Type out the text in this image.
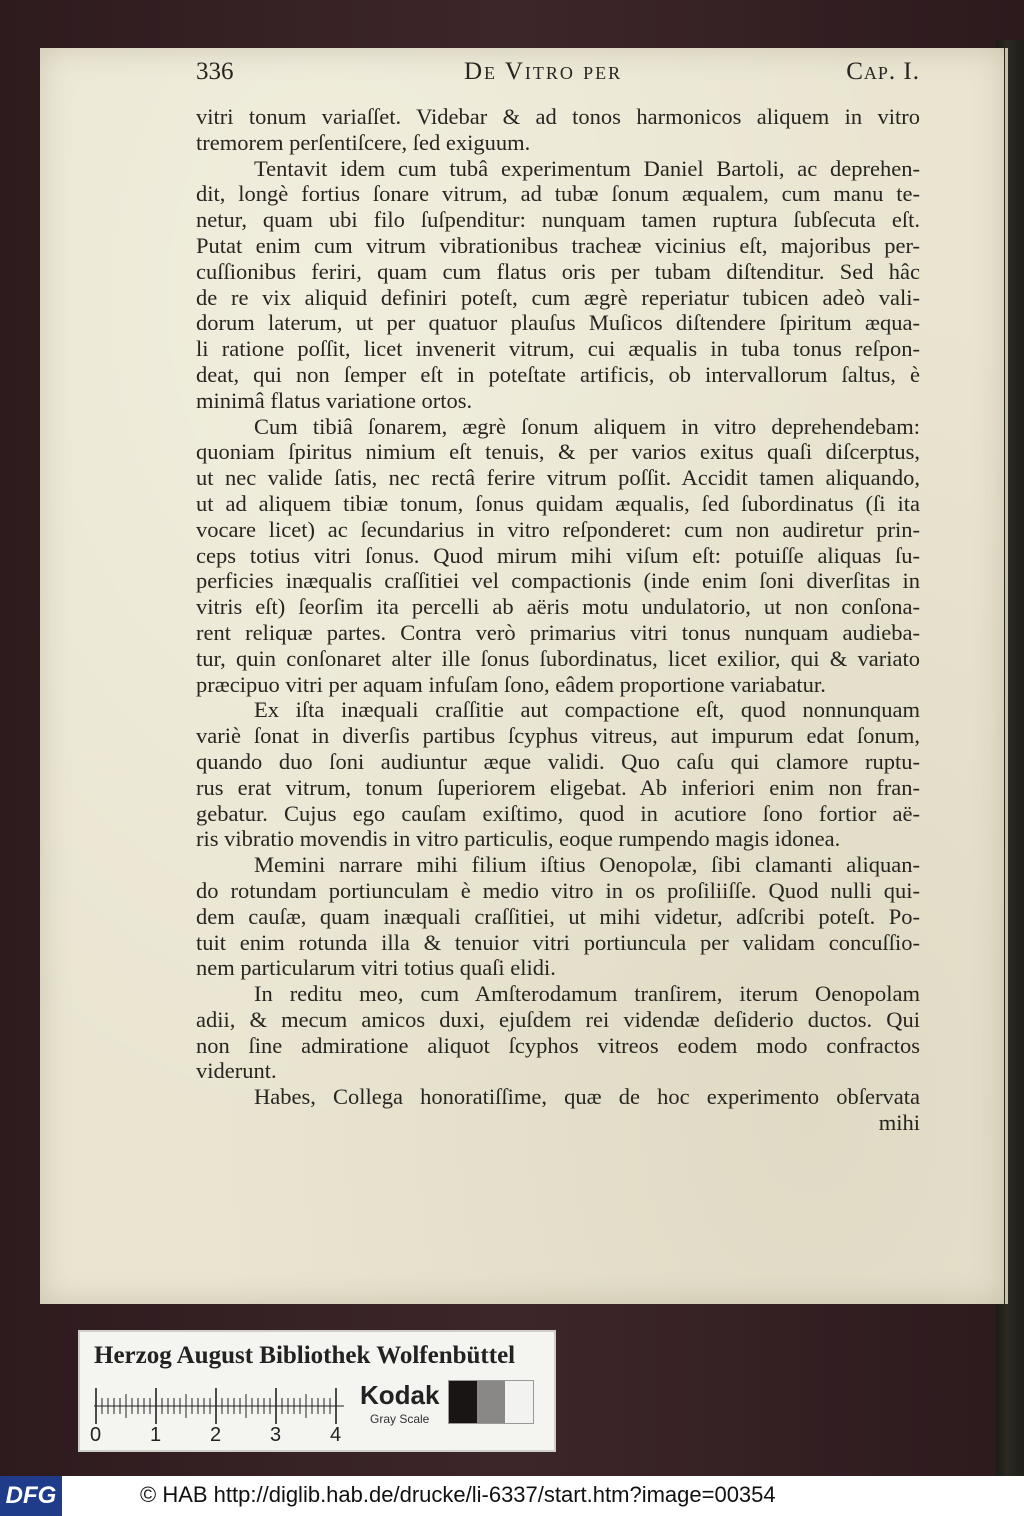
336	De Vitro per	Cap. I.
vitri tonum variaſſet. Videbar & ad tonos harmonicos aliquem in vitro
tremorem perſentiſcere, ſed exiguum.
Tentavit idem cum tubâ experimentum Daniel Bartoli, ac deprehen-
dit, longè fortius ſonare vitrum, ad tubæ ſonum æqualem, cum manu te-
netur, quam ubi filo ſuſpenditur: nunquam tamen ruptura ſubſecuta eſt.
Putat enim cum vitrum vibrationibus tracheæ vicinius eſt, majoribus per-
cuſſionibus feriri, quam cum flatus oris per tubam diſtenditur. Sed hâc
de re vix aliquid definiri poteſt, cum ægrè reperiatur tubicen adeò vali-
dorum laterum, ut per quatuor plauſus Muſicos diſtendere ſpiritum æqua-
li ratione poſſit, licet invenerit vitrum, cui æqualis in tuba tonus reſpon-
deat, qui non ſemper eſt in poteſtate artificis, ob intervallorum ſaltus, è
minimâ flatus variatione ortos.
Cum tibiâ ſonarem, ægrè ſonum aliquem in vitro deprehendebam:
quoniam ſpiritus nimium eſt tenuis, & per varios exitus quaſi diſcerptus,
ut nec valide ſatis, nec rectâ ferire vitrum poſſit. Accidit tamen aliquando,
ut ad aliquem tibiæ tonum, ſonus quidam æqualis, ſed ſubordinatus (ſi ita
vocare licet) ac ſecundarius in vitro reſponderet: cum non audiretur prin-
ceps totius vitri ſonus. Quod mirum mihi viſum eſt: potuiſſe aliquas ſu-
perficies inæqualis craſſitiei vel compactionis (inde enim ſoni diverſitas in
vitris eſt) ſeorſim ita percelli ab aëris motu undulatorio, ut non conſona-
rent reliquæ partes. Contra verò primarius vitri tonus nunquam audieba-
tur, quin conſonaret alter ille ſonus ſubordinatus, licet exilior, qui & variato
præcipuo vitri per aquam infuſam ſono, eâdem proportione variabatur.
Ex iſta inæquali craſſitie aut compactione eſt, quod nonnunquam
variè ſonat in diverſis partibus ſcyphus vitreus, aut impurum edat ſonum,
quando duo ſoni audiuntur æque validi. Quo caſu qui clamore ruptu-
rus erat vitrum, tonum ſuperiorem eligebat. Ab inferiori enim non fran-
gebatur. Cujus ego cauſam exiſtimo, quod in acutiore ſono fortior aë-
ris vibratio movendis in vitro particulis, eoque rumpendo magis idonea.
Memini narrare mihi filium iſtius Oenopolæ, ſibi clamanti aliquan-
do rotundam portiunculam è medio vitro in os proſiliiſſe. Quod nulli qui-
dem cauſæ, quam inæquali craſſitiei, ut mihi videtur, adſcribi poteſt. Po-
tuit enim rotunda illa & tenuior vitri portiuncula per validam concuſſio-
nem particularum vitri totius quaſi elidi.
In reditu meo, cum Amſterodamum tranſirem, iterum Oenopolam
adii, & mecum amicos duxi, ejuſdem rei videndæ deſiderio ductos. Qui
non ſine admiratione aliquot ſcyphos vitreos eodem modo confractos
viderunt.
Habes, Collega honoratiſſime, quæ de hoc experimento obſervata
mihi
Herzog August Bibliothek Wolfenbüttel
0 1 2 3 4
Kodak
Gray Scale
DFG	© HAB http://diglib.hab.de/drucke/li-6337/start.htm?image=00354
